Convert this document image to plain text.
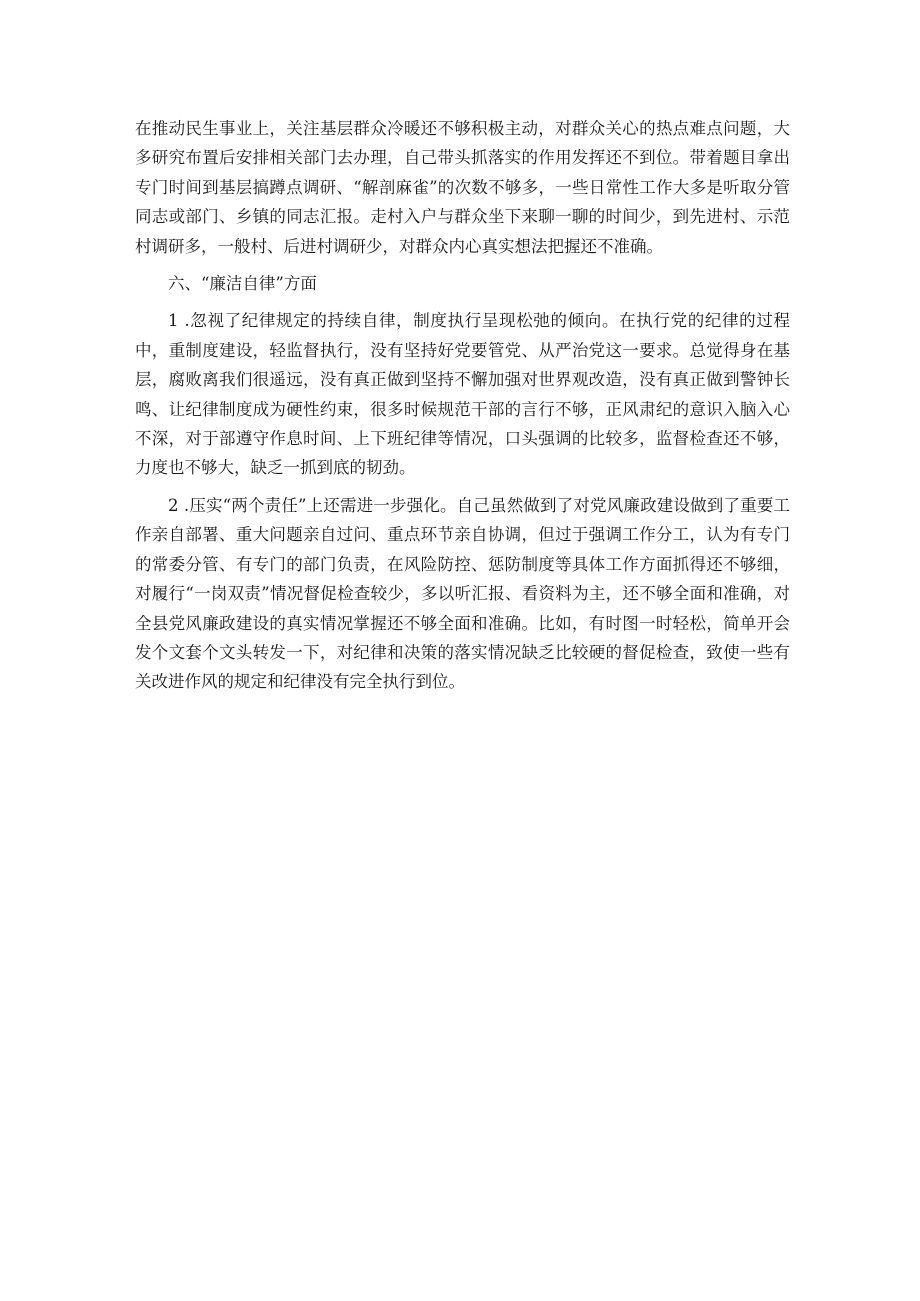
在推动民生事业上，关注基层群众冷暖还不够积极主动，对群众关心的热点难点问题，大多研究布置后安排相关部门去办理，自己带头抓落实的作用发挥还不到位。带着题目拿出专门时间到基层搞蹲点调研、“解剖麻雀”的次数不够多，一些日常性工作大多是听取分管同志或部门、乡镇的同志汇报。走村入户与群众坐下来聊一聊的时间少，到先进村、示范村调研多，一般村、后进村调研少，对群众内心真实想法把握还不准确。

六、“廉洁自律”方面

1 .忽视了纪律规定的持续自律，制度执行呈现松弛的倾向。在执行党的纪律的过程中，重制度建设，轻监督执行，没有坚持好党要管党、从严治党这一要求。总觉得身在基层，腐败离我们很遥远，没有真正做到坚持不懈加强对世界观改造，没有真正做到警钟长鸣、让纪律制度成为硬性约束，很多时候规范干部的言行不够，正风肃纪的意识入脑入心不深，对于部遵守作息时间、上下班纪律等情况，口头强调的比较多，监督检查还不够，力度也不够大，缺乏一抓到底的韧劲。

2 .压实“两个责任”上还需进一步强化。自己虽然做到了对党风廉政建设做到了重要工作亲自部署、重大问题亲自过问、重点环节亲自协调，但过于强调工作分工，认为有专门的常委分管、有专门的部门负责，在风险防控、惩防制度等具体工作方面抓得还不够细，对履行“一岗双责”情况督促检查较少，多以听汇报、看资料为主，还不够全面和准确，对全县党风廉政建设的真实情况掌握还不够全面和准确。比如，有时图一时轻松，简单开会发个文套个文头转发一下，对纪律和决策的落实情况缺乏比较硬的督促检查，致使一些有关改进作风的规定和纪律没有完全执行到位。
